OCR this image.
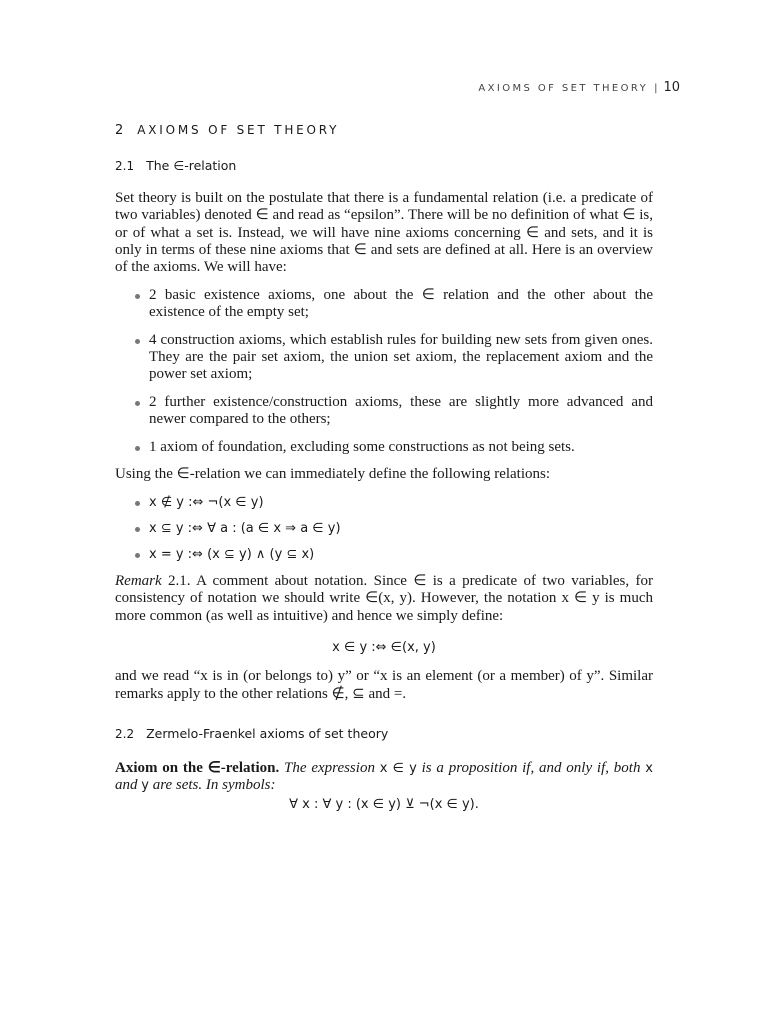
AXIOMS OF SET THEORY | 10
2 AXIOMS OF SET THEORY
2.1 The ∈-relation

Set theory is built on the postulate that there is a fundamental relation (i.e. a predicate of two variables) denoted ∈ and read as “epsilon”. There will be no definition of what ∈ is, or of what a set is. Instead, we will have nine axioms concerning ∈ and sets, and it is only in terms of these nine axioms that ∈ and sets are defined at all. Here is an overview of the axioms. We will have:

2 basic existence axioms, one about the ∈ relation and the other about the existence of the empty set;
4 construction axioms, which establish rules for building new sets from given ones. They are the pair set axiom, the union set axiom, the replacement axiom and the power set axiom;
2 further existence/construction axioms, these are slightly more advanced and newer compared to the others;
1 axiom of foundation, excluding some constructions as not being sets.

Using the ∈-relation we can immediately define the following relations:

x ∉ y :⇔ ¬(x ∈ y)
x ⊆ y :⇔ ∀ a : (a ∈ x ⇒ a ∈ y)
x = y :⇔ (x ⊆ y) ∧ (y ⊆ x)

Remark 2.1. A comment about notation. Since ∈ is a predicate of two variables, for consistency of notation we should write ∈(x, y). However, the notation x ∈ y is much more common (as well as intuitive) and hence we simply define:

x ∈ y :⇔ ∈(x, y)

and we read “x is in (or belongs to) y” or “x is an element (or a member) of y”. Similar remarks apply to the other relations ∉, ⊆ and =.

2.2 Zermelo-Fraenkel axioms of set theory

Axiom on the ∈-relation. The expression x ∈ y is a proposition if, and only if, both x and y are sets. In symbols:

∀ x : ∀ y : (x ∈ y) ⊻ ¬(x ∈ y).
